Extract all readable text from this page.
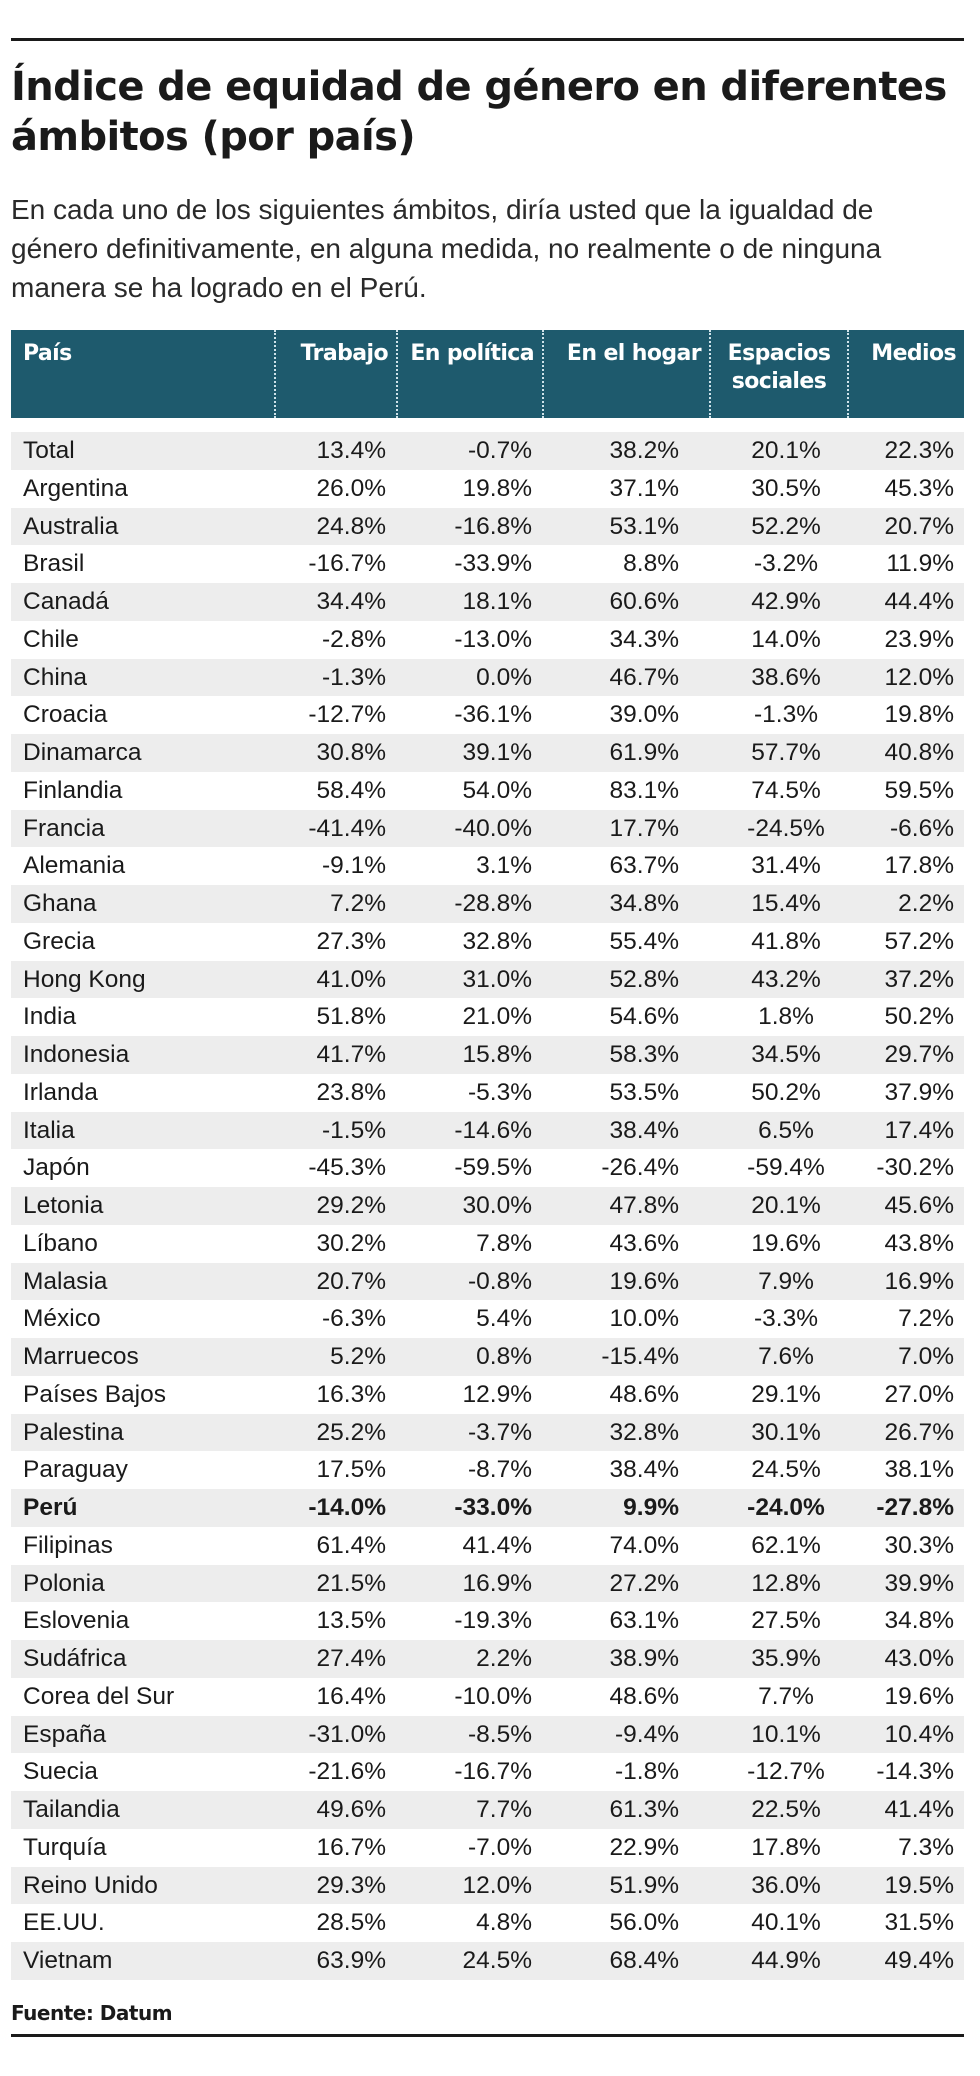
Índice de equidad de género en diferentes ámbitos (por país)

En cada uno de los siguientes ámbitos, diría usted que la igualdad de género definitivamente, en alguna medida, no realmente o de ninguna manera se ha logrado en el Perú.

País	Trabajo	En política	En el hogar	Espacios sociales	Medios

Total	13.4%	-0.7%	38.2%	20.1%	22.3%
Argentina	26.0%	19.8%	37.1%	30.5%	45.3%
Australia	24.8%	-16.8%	53.1%	52.2%	20.7%
Brasil	-16.7%	-33.9%	8.8%	-3.2%	11.9%
Canadá	34.4%	18.1%	60.6%	42.9%	44.4%
Chile	-2.8%	-13.0%	34.3%	14.0%	23.9%
China	-1.3%	0.0%	46.7%	38.6%	12.0%
Croacia	-12.7%	-36.1%	39.0%	-1.3%	19.8%
Dinamarca	30.8%	39.1%	61.9%	57.7%	40.8%
Finlandia	58.4%	54.0%	83.1%	74.5%	59.5%
Francia	-41.4%	-40.0%	17.7%	-24.5%	-6.6%
Alemania	-9.1%	3.1%	63.7%	31.4%	17.8%
Ghana	7.2%	-28.8%	34.8%	15.4%	2.2%
Grecia	27.3%	32.8%	55.4%	41.8%	57.2%
Hong Kong	41.0%	31.0%	52.8%	43.2%	37.2%
India	51.8%	21.0%	54.6%	1.8%	50.2%
Indonesia	41.7%	15.8%	58.3%	34.5%	29.7%
Irlanda	23.8%	-5.3%	53.5%	50.2%	37.9%
Italia	-1.5%	-14.6%	38.4%	6.5%	17.4%
Japón	-45.3%	-59.5%	-26.4%	-59.4%	-30.2%
Letonia	29.2%	30.0%	47.8%	20.1%	45.6%
Líbano	30.2%	7.8%	43.6%	19.6%	43.8%
Malasia	20.7%	-0.8%	19.6%	7.9%	16.9%
México	-6.3%	5.4%	10.0%	-3.3%	7.2%
Marruecos	5.2%	0.8%	-15.4%	7.6%	7.0%
Países Bajos	16.3%	12.9%	48.6%	29.1%	27.0%
Palestina	25.2%	-3.7%	32.8%	30.1%	26.7%
Paraguay	17.5%	-8.7%	38.4%	24.5%	38.1%
Perú	-14.0%	-33.0%	9.9%	-24.0%	-27.8%
Filipinas	61.4%	41.4%	74.0%	62.1%	30.3%
Polonia	21.5%	16.9%	27.2%	12.8%	39.9%
Eslovenia	13.5%	-19.3%	63.1%	27.5%	34.8%
Sudáfrica	27.4%	2.2%	38.9%	35.9%	43.0%
Corea del Sur	16.4%	-10.0%	48.6%	7.7%	19.6%
España	-31.0%	-8.5%	-9.4%	10.1%	10.4%
Suecia	-21.6%	-16.7%	-1.8%	-12.7%	-14.3%
Tailandia	49.6%	7.7%	61.3%	22.5%	41.4%
Turquía	16.7%	-7.0%	22.9%	17.8%	7.3%
Reino Unido	29.3%	12.0%	51.9%	36.0%	19.5%
EE.UU.	28.5%	4.8%	56.0%	40.1%	31.5%
Vietnam	63.9%	24.5%	68.4%	44.9%	49.4%
Fuente: Datum
